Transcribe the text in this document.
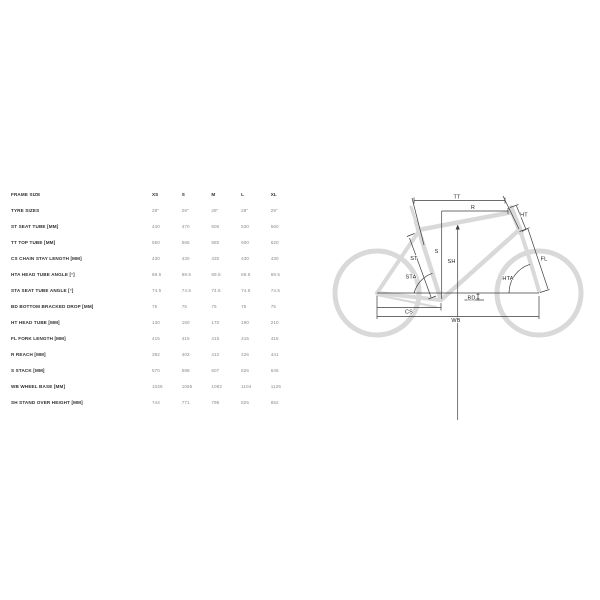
FRAME SIZE	XS	S	M	L	XL
TYRE SIZES	28"	28"	28"	28"	28"
ST SEAT TUBE [MM]	440	470	500	530	560
TT TOP TUBE [MM]	550	565	580	600	620
CS CHAIN STAY LENGTH [MM]	430	430	430	430	430
HTA HEAD TUBE ANGLE [°]	69.5	69.5	69.5	69.5	69.5
STA SEAT TUBE ANGLE [°]	74.5	74.5	74.5	74.5	74.5
BD BOTTOM BRACKED DROP [MM]	75	75	75	75	75
HT HEAD TUBE [MM]	130	150	170	190	210
FL FORK LENGTH [MM]	415	415	415	415	415
R REACH [MM]	392	402	412	426	441
S STACK [MM]	570	588	607	626	645
WB WHEEL BASE [MM]	1048	1065	1082	1104	1126
SH STAND OVER HEIGHT [MM]	744	771	798	825	852
TT
R
HT
S
SH
ST
STA	HTA
BD
FL
CS
WB
